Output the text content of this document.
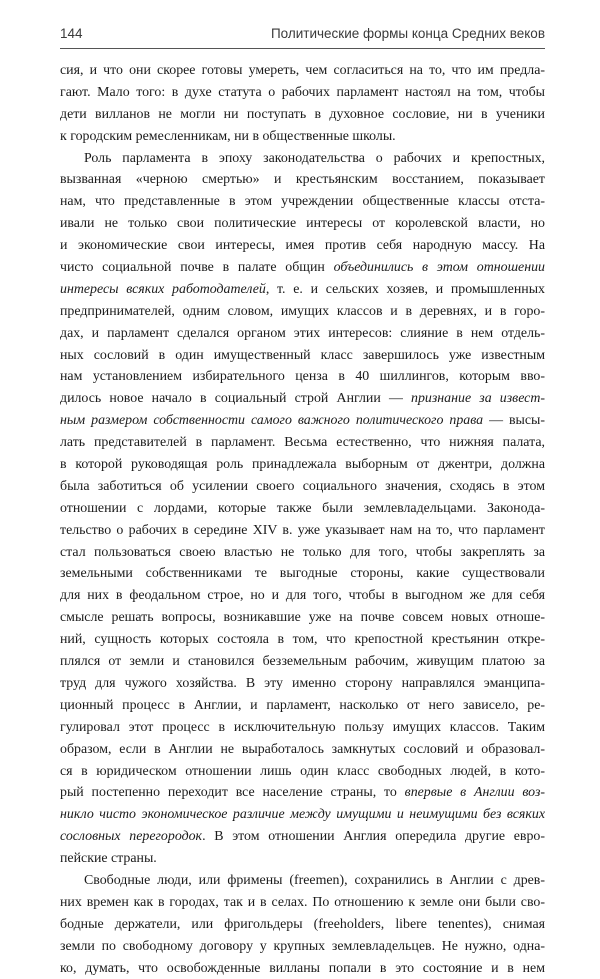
144	Политические формы конца Средних веков
сия, и что они скорее готовы умереть, чем согласиться на то, что им предла-
гают. Мало того: в духе статута о рабочих парламент настоял на том, чтобы
дети вилланов не могли ни поступать в духовное сословие, ни в ученики
к городским ремесленникам, ни в общественные школы.
Роль парламента в эпоху законодательства о рабочих и крепостных,
вызванная «черною смертью» и крестьянским восстанием, показывает
нам, что представленные в этом учреждении общественные классы отста-
ивали не только свои политические интересы от королевской власти, но
и экономические свои интересы, имея против себя народную массу. На
чисто социальной почве в палате общин объединились в этом отношении
интересы всяких работодателей, т. е. и сельских хозяев, и промышленных
предпринимателей, одним словом, имущих классов и в деревнях, и в горо-
дах, и парламент сделался органом этих интересов: слияние в нем отдель-
ных сословий в один имущественный класс завершилось уже известным
нам установлением избирательного ценза в 40 шиллингов, которым вво-
дилось новое начало в социальный строй Англии — признание за извест-
ным размером собственности самого важного политического права — высы-
лать представителей в парламент. Весьма естественно, что нижняя палата,
в которой руководящая роль принадлежала выборным от джентри, должна
была заботиться об усилении своего социального значения, сходясь в этом
отношении с лордами, которые также были землевладельцами. Законода-
тельство о рабочих в середине XIV в. уже указывает нам на то, что парламент
стал пользоваться своею властью не только для того, чтобы закреплять за
земельными собственниками те выгодные стороны, какие существовали
для них в феодальном строе, но и для того, чтобы в выгодном же для себя
смысле решать вопросы, возникавшие уже на почве совсем новых отноше-
ний, сущность которых состояла в том, что крепостной крестьянин откре-
плялся от земли и становился безземельным рабочим, живущим платою за
труд для чужого хозяйства. В эту именно сторону направлялся эманципа-
ционный процесс в Англии, и парламент, насколько от него зависело, ре-
гулировал этот процесс в исключительную пользу имущих классов. Таким
образом, если в Англии не выработалось замкнутых сословий и образовал-
ся в юридическом отношении лишь один класс свободных людей, в кото-
рый постепенно переходит все население страны, то впервые в Англии воз-
никло чисто экономическое различие между имущими и неимущими без всяких
сословных перегородок. В этом отношении Англия опередила другие евро-
пейские страны.
Свободные люди, или фримены (freemen), сохранились в Англии с древ-
них времен как в городах, так и в селах. По отношению к земле они были сво-
бодные держатели, или фригольдеры (freeholders, libere tenentes), снимая
земли по свободному договору у крупных землевладельцев. Не нужно, одна-
ко, думать, что освобожденные вилланы попали в это состояние и в нем
